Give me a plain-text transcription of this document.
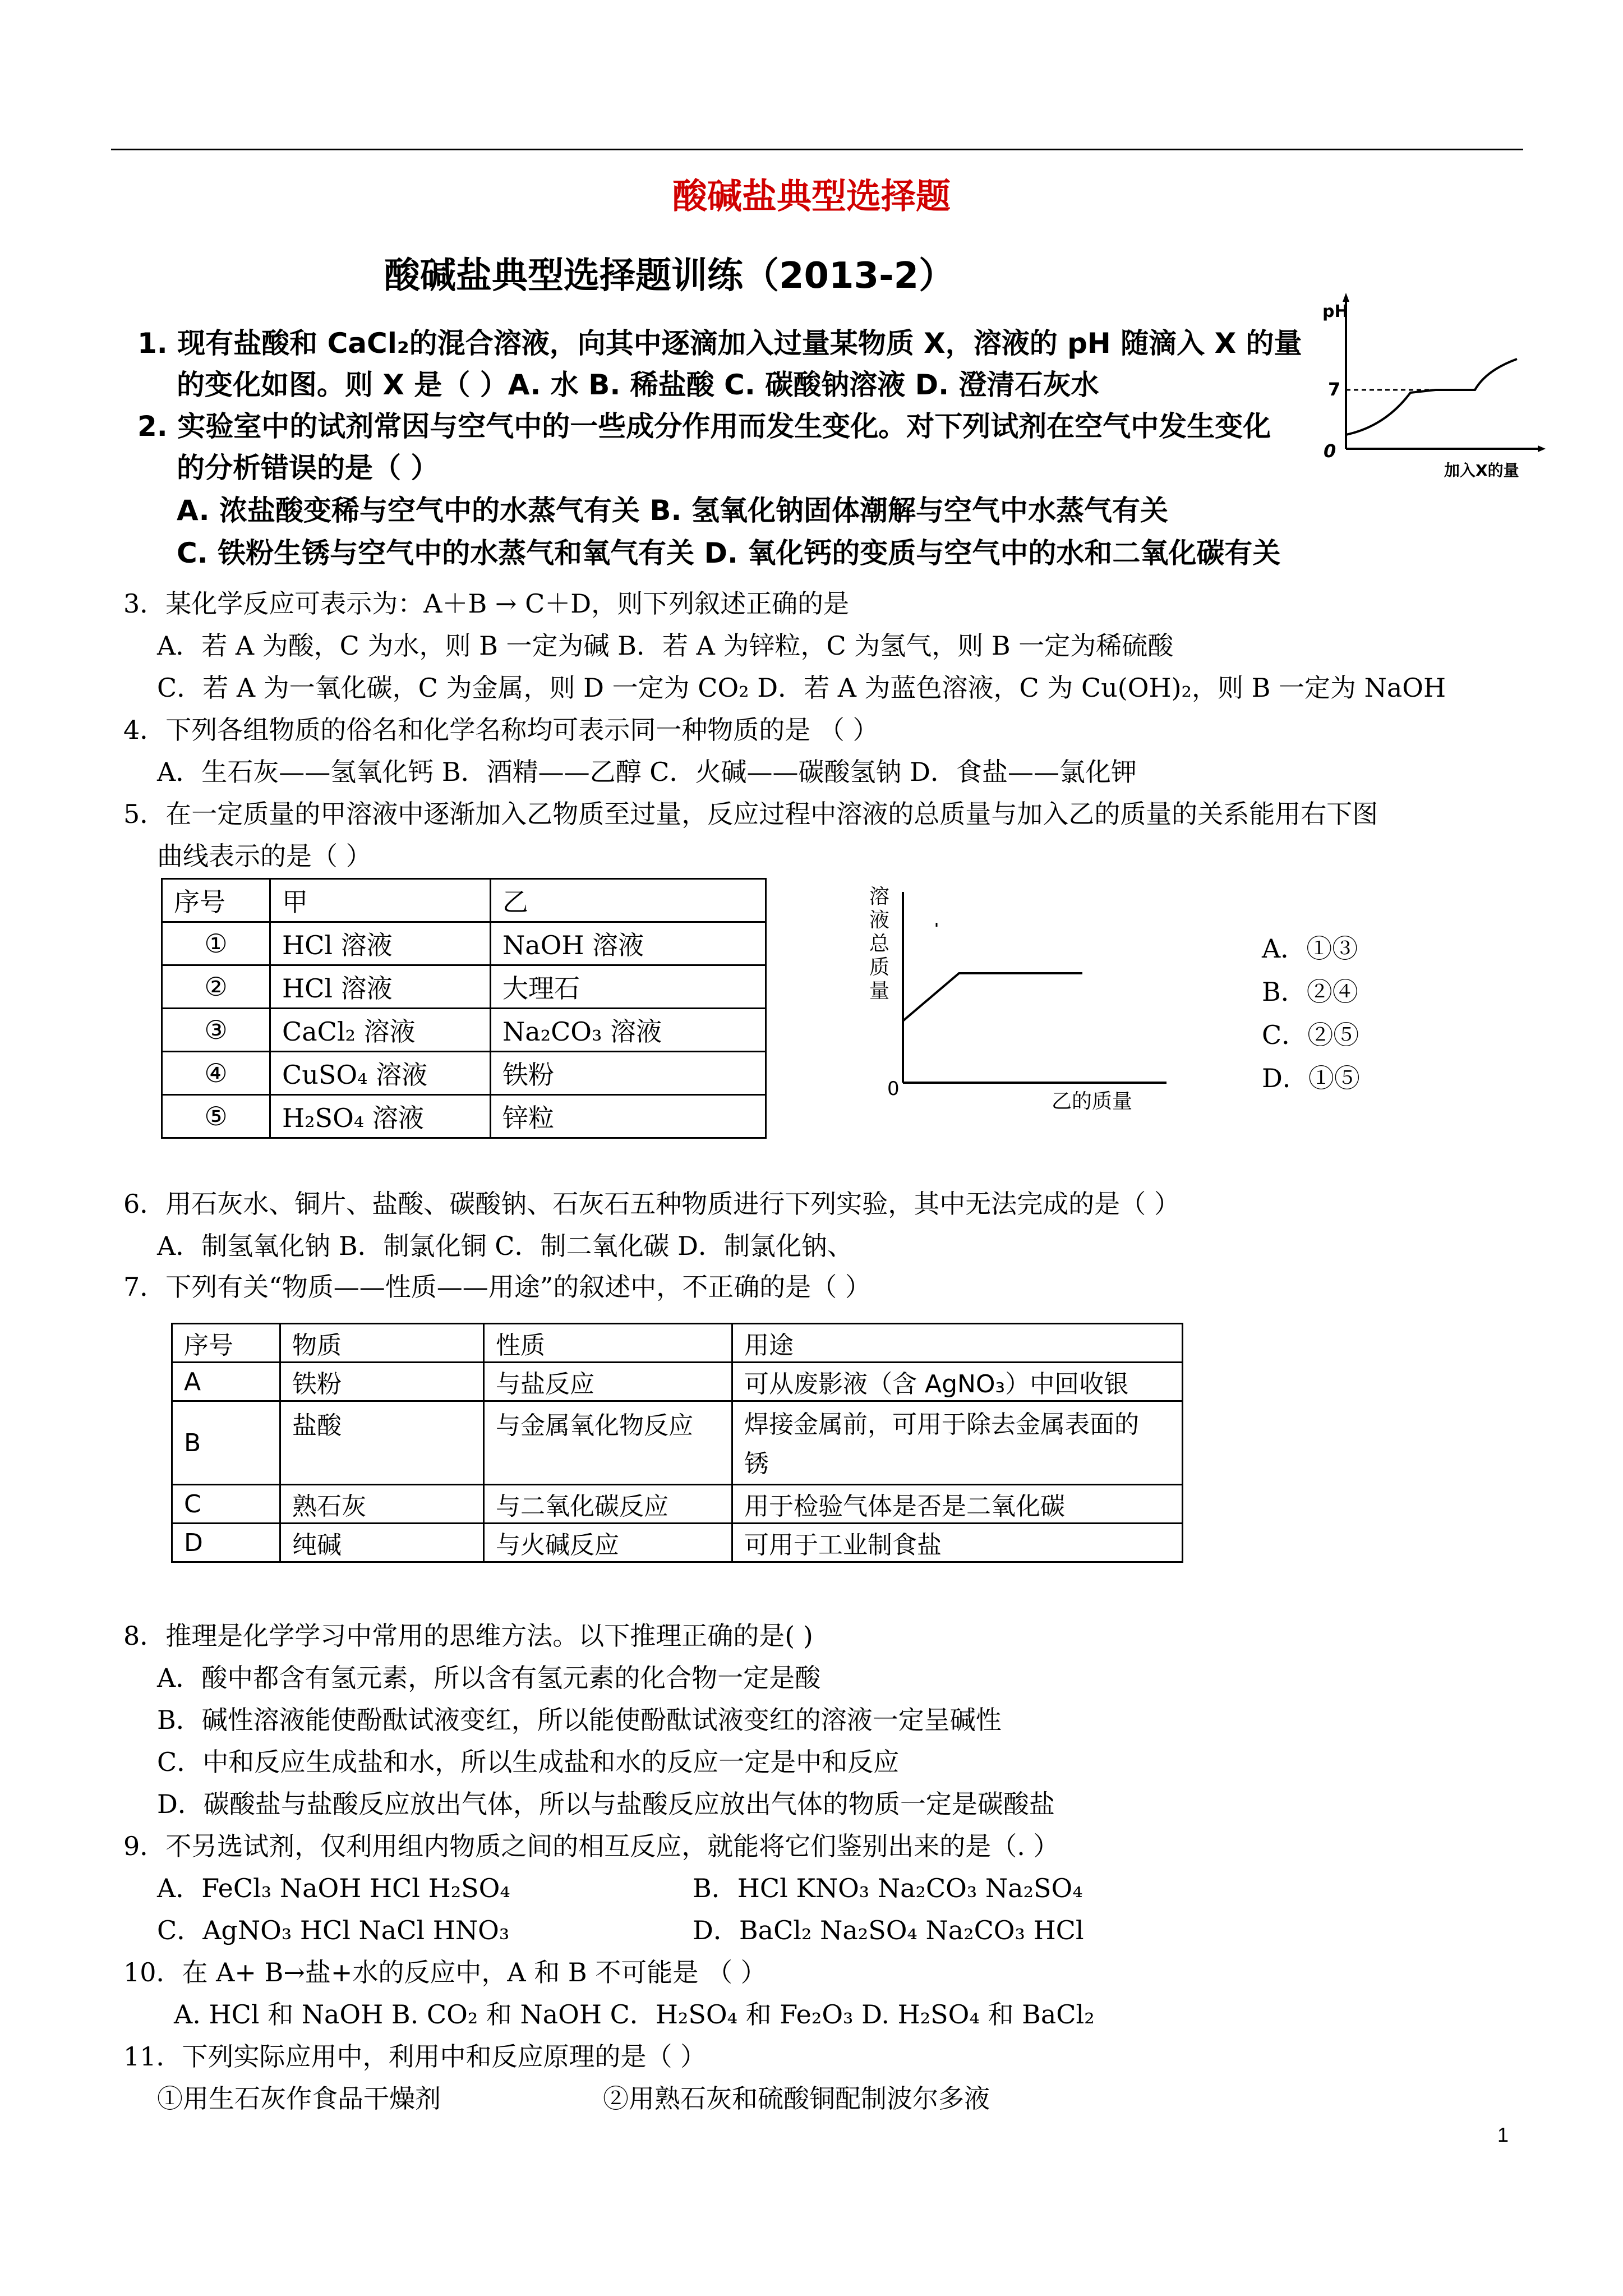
酸碱盐典型选择题
酸碱盐典型选择题训练（2013-2）
1. 现有盐酸和 CaCl₂的混合溶液，向其中逐滴加入过量某物质 X，溶液的 pH 随滴入 X 的量
的变化如图。则 X 是（ ）A. 水 B. 稀盐酸 C. 碳酸钠溶液 D. 澄清石灰水
2. 实验室中的试剂常因与空气中的一些成分作用而发生变化。对下列试剂在空气中发生变化
的分析错误的是（ ）
A. 浓盐酸变稀与空气中的水蒸气有关 B. 氢氧化钠固体潮解与空气中水蒸气有关
C. 铁粉生锈与空气中的水蒸气和氧气有关 D. 氧化钙的变质与空气中的水和二氧化碳有关
pH
7
0
加入X的量
3．某化学反应可表示为：A＋B → C＋D，则下列叙述正确的是
A．若 A 为酸，C 为水，则 B 一定为碱 B．若 A 为锌粒，C 为氢气，则 B 一定为稀硫酸
C．若 A 为一氧化碳，C 为金属，则 D 一定为 CO₂ D．若 A 为蓝色溶液，C 为 Cu(OH)₂，则 B 一定为 NaOH
4．下列各组物质的俗名和化学名称均可表示同一种物质的是 （ ）
A．生石灰——氢氧化钙 B．酒精——乙醇 C．火碱——碳酸氢钠 D．食盐——氯化钾
5．在一定质量的甲溶液中逐渐加入乙物质至过量，反应过程中溶液的总质量与加入乙的质量的关系能用右下图
曲线表示的是（ ）
序号	甲	乙
①	HCl 溶液	NaOH 溶液
②	HCl 溶液	大理石
③	CaCl₂ 溶液	Na₂CO₃ 溶液
④	CuSO₄ 溶液	铁粉
⑤	H₂SO₄ 溶液	锌粒
溶
液
总
质
量
0
乙的质量
A．①③
B．②④
C．②⑤
D．①⑤
6．用石灰水、铜片、盐酸、碳酸钠、石灰石五种物质进行下列实验，其中无法完成的是（ ）
A．制氢氧化钠 B．制氯化铜 C．制二氧化碳 D．制氯化钠、
7．下列有关“物质——性质——用途”的叙述中，不正确的是（ ）
序号	物质	性质	用途
A	铁粉	与盐反应	可从废影液（含 AgNO₃）中回收银
B	盐酸	与金属氧化物反应	焊接金属前，可用于除去金属表面的
锈

C	熟石灰	与二氧化碳反应	用于检验气体是否是二氧化碳
D	纯碱	与火碱反应	可用于工业制食盐
8．推理是化学学习中常用的思维方法。以下推理正确的是( )
A．酸中都含有氢元素，所以含有氢元素的化合物一定是酸
B．碱性溶液能使酚酞试液变红，所以能使酚酞试液变红的溶液一定呈碱性
C．中和反应生成盐和水，所以生成盐和水的反应一定是中和反应
D．碳酸盐与盐酸反应放出气体，所以与盐酸反应放出气体的物质一定是碳酸盐
9．不另选试剂，仅利用组内物质之间的相互反应，就能将它们鉴别出来的是（. ）
A．FeCl₃ NaOH HCl H₂SO₄	B．HCl KNO₃ Na₂CO₃ Na₂SO₄
C．AgNO₃ HCl NaCl HNO₃	D．BaCl₂ Na₂SO₄ Na₂CO₃ HCl
10．在 A+ B→盐+水的反应中，A 和 B 不可能是 （ ）
A. HCl 和 NaOH B. CO₂ 和 NaOH C．H₂SO₄ 和 Fe₂O₃ D. H₂SO₄ 和 BaCl₂
11．下列实际应用中，利用中和反应原理的是（ ）
①用生石灰作食品干燥剂	②用熟石灰和硫酸铜配制波尔多液
1
